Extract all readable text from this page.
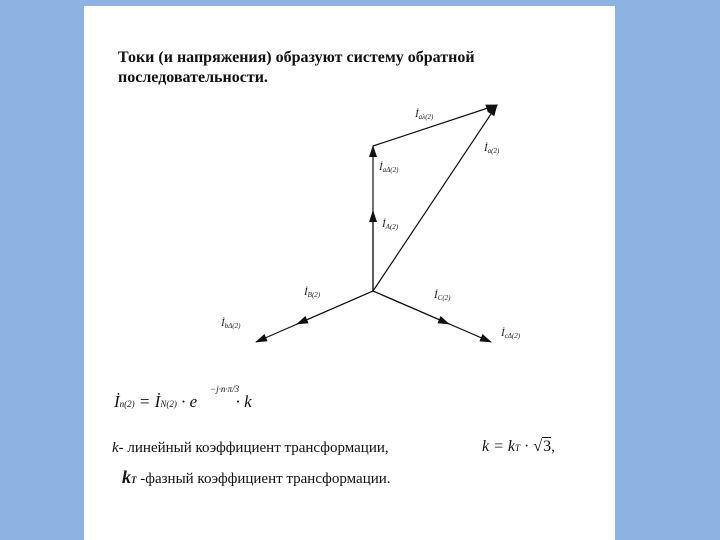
Токи (и напряжения) образуют систему обратной последовательности.
İaλ(2)
İa(2)
İaΔ(2)
İA(2)
İB(2)	İC(2)
İbΔ(2)
İcΔ(2)
İn(2) = İN(2) · e
−j·n·π/3
· k
k- линейный коэффициент трансформации,	k = kT · √3,
kT -фазный коэффициент трансформации.
